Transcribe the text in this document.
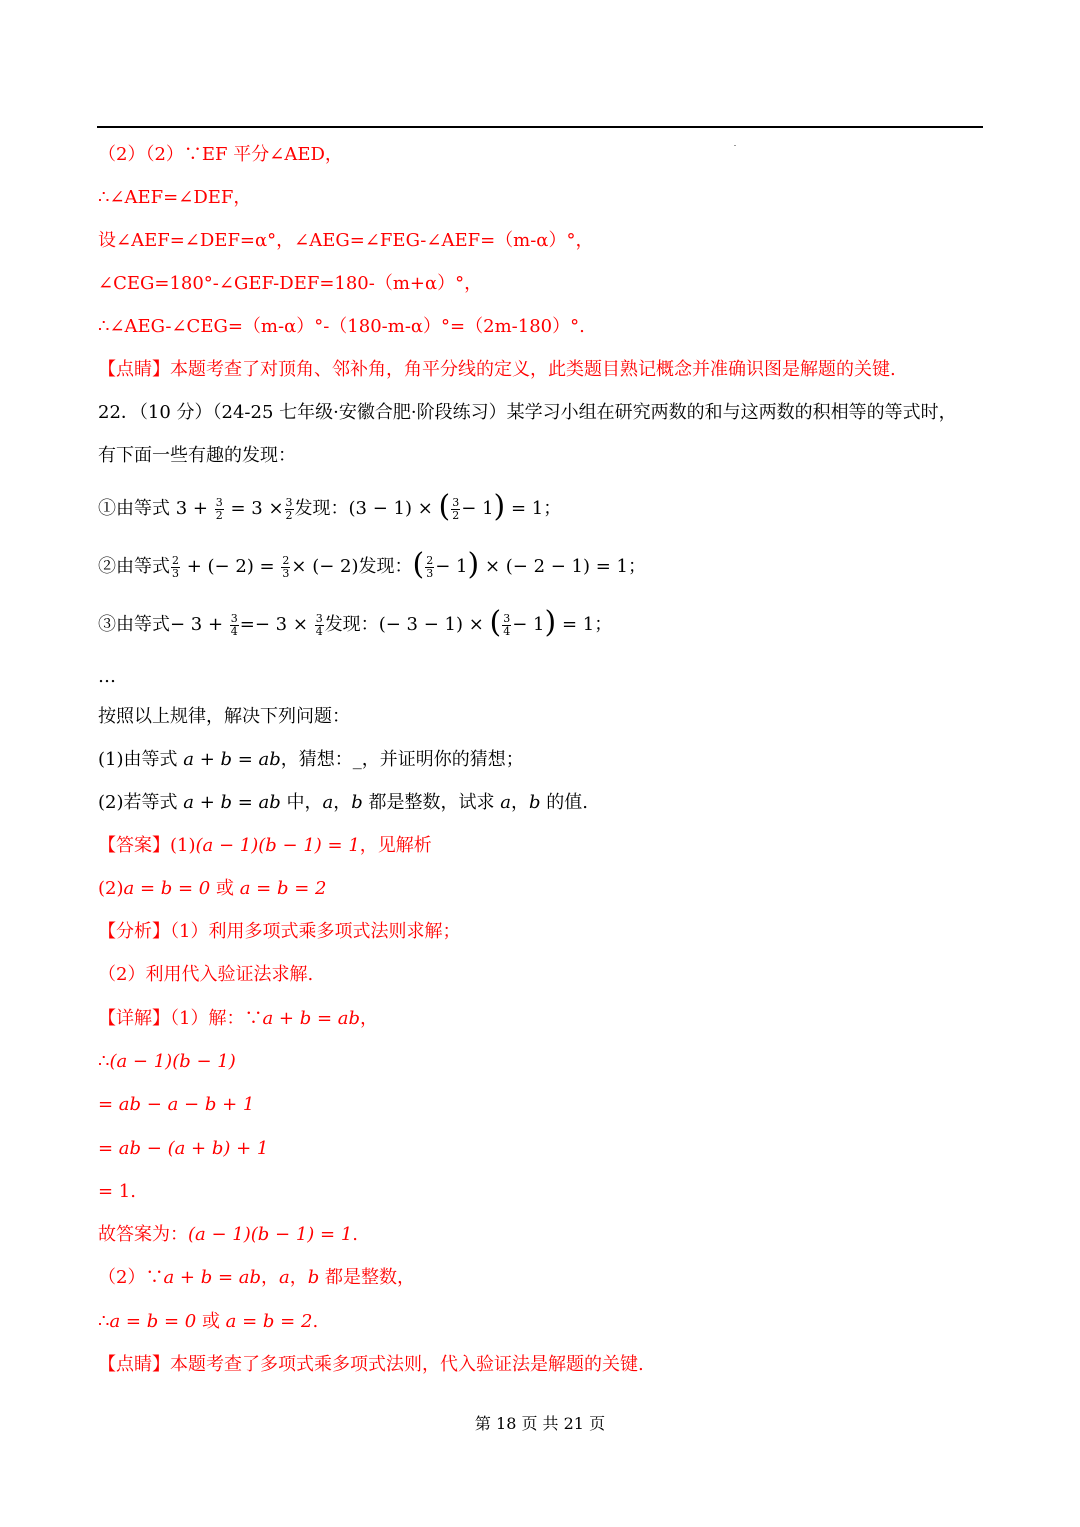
（2）（2）∵EF 平分∠AED，
∴∠AEF=∠DEF，
设∠AEF=∠DEF=α°，∠AEG=∠FEG-∠AEF=（m-α）°，
∠CEG=180°-∠GEF-DEF=180-（m+α）°，
∴∠AEG-∠CEG=（m-α）°-（180-m-α）°=（2m-180）°.
【点睛】本题考查了对顶角、邻补角，角平分线的定义，此类题目熟记概念并准确识图是解题的关键.
22．（10 分）（24-25 七年级·安徽合肥·阶段练习）某学习小组在研究两数的和与这两数的积相等的等式时，
有下面一些有趣的发现：
①由等式 $3 + \frac{3}{2} = 3 \times \frac{3}{2}$ 发现：(3 − 1) × ( $\frac{3}{2} - 1) = 1$；
②由等式 $\frac{2}{3}$ + (− $2) = \frac{2}{3}$ × (− 2)发现：( $\frac{2}{3} - 1$) × (− 2 − 1) = 1；
③由等式− $3 + \frac{3}{4} =- 3 \times \frac{3}{4}$ 发现：(− 3 − 1) × ( $\frac{3}{4} - 1) = 1$；
…
按照以上规律，解决下列问题：
(1)由等式 a + b = ab，猜想：_，并证明你的猜想；
(2)若等式 a + b = ab 中，a，b 都是整数，试求 a，b 的值.
【答案】(1)(a − 1)(b − 1) = 1，见解析
(2)a = b = 0 或 a = b = 2
【分析】（1）利用多项式乘多项式法则求解；
（2）利用代入验证法求解.
【详解】（1）解：∵a + b = ab，
∴(a − 1)(b − 1)
= ab − a − b + 1
= ab − (a + b) + 1
= 1.
故答案为：(a − 1)(b − 1) = 1.
（2）∵a + b = ab，a，b 都是整数，
∴a = b = 0 或 a = b = 2.
【点睛】本题考查了多项式乘多项式法则，代入验证法是解题的关键.
第 18 页 共 21 页
